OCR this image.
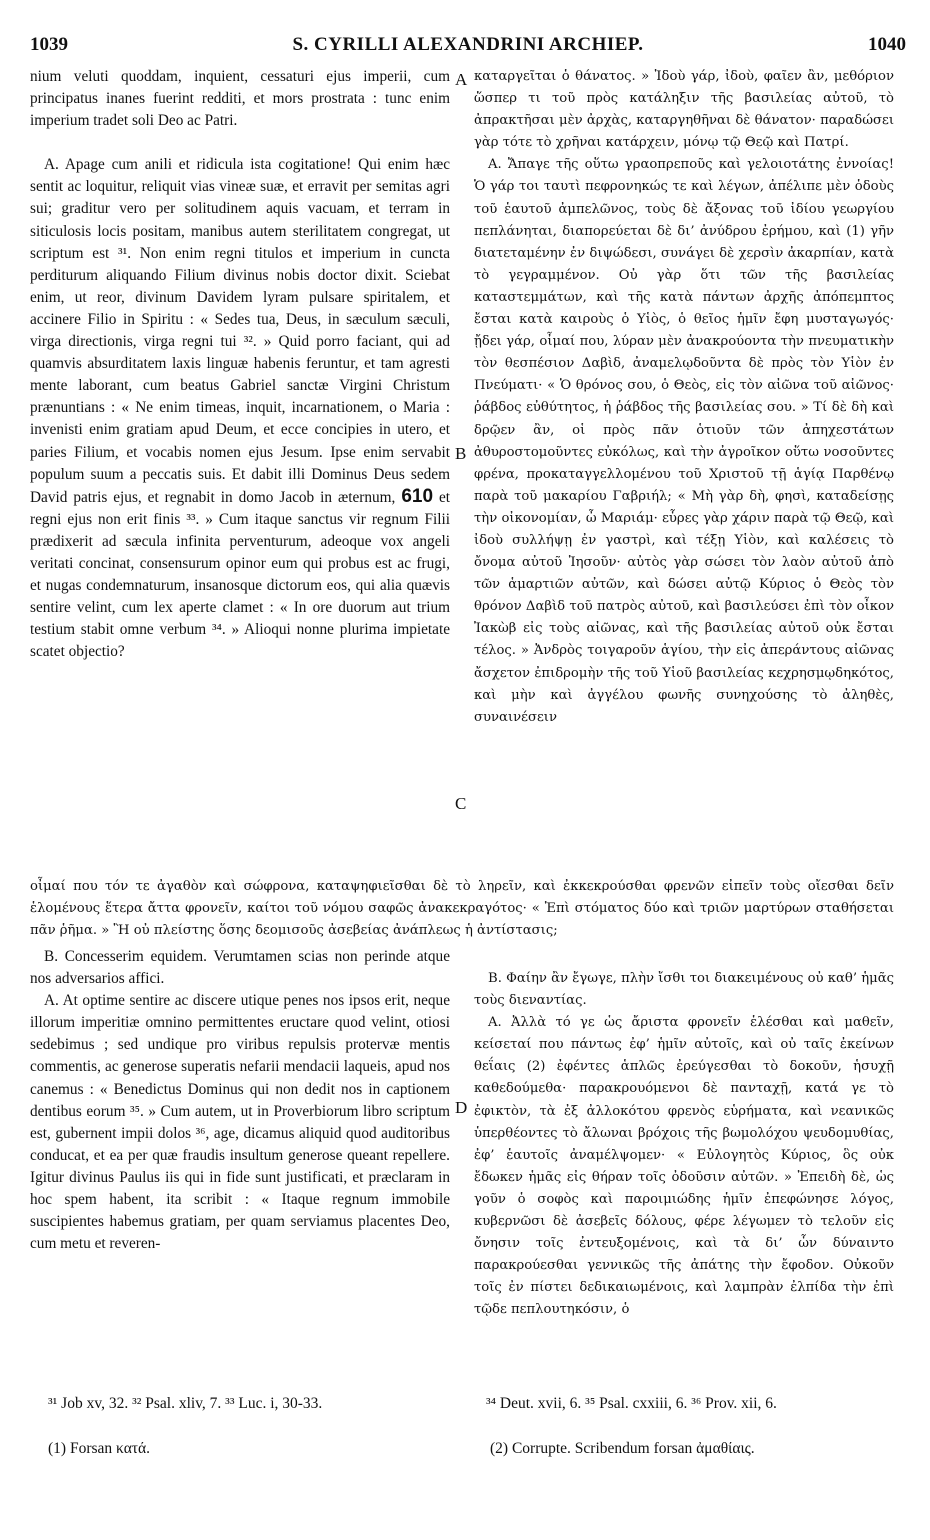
1039	S. CYRILLI ALEXANDRINI ARCHIEP.	1040

nium veluti quoddam, inquient, cessaturi ejus imperii, cum principatus inanes fuerint redditi, et mors prostrata : tunc enim imperium tradet soli Deo ac Patri.

A. Apage cum anili et ridicula ista cogitatione! Qui enim hæc sentit ac loquitur, reliquit vias vineæ suæ, et erravit per semitas agri sui; graditur vero per solitudinem aquis vacuam, et terram in siticulosis locis positam, manibus autem sterilitatem congregat, ut scriptum est ³¹. Non enim regni titulos et imperium in cuncta perditurum aliquando Filium divinus nobis doctor dixit. Sciebat enim, ut reor, divinum Davidem lyram pulsare spiritalem, et accinere Filio in Spiritu : « Sedes tua, Deus, in sæculum sæculi, virga directionis, virga regni tui ³². » Quid porro faciant, qui ad quamvis absurditatem laxis linguæ habenis feruntur, et tam agresti mente laborant, cum beatus Gabriel sanctæ Virgini Christum prænuntians : « Ne enim timeas, inquit, incarnationem, o Maria : invenisti enim gratiam apud Deum, et ecce concipies in utero, et paries Filium, et vocabis nomen ejus Jesum. Ipse enim servabit populum suum a peccatis suis. Et dabit illi Dominus Deus sedem David patris ejus, et regnabit in domo Jacob in æternum, 610 et regni ejus non erit finis ³³. » Cum itaque sanctus vir regnum Filii prædixerit ad sæcula infinita perventurum, adeoque vox angeli veritati concinat, consensurum opinor eum qui probus est ac frugi, et nugas condemnaturum, insanosque dictorum eos, qui alia quævis sentire velint, cum lex aperte clamet : « In ore duorum aut trium testium stabit omne verbum ³⁴. » Alioqui nonne plurima impietate scatet objectio?

A
B
C

καταργεῖται ὁ θάνατος. » Ἰδοὺ γάρ, ἰδοὺ, φαῖεν ἂν, μεθόριον ὥσπερ τι τοῦ πρὸς κατάληξιν τῆς βασιλείας αὐτοῦ, τὸ ἀπρακτῆσαι μὲν ἀρχὰς, καταργηθῆναι δὲ θάνατον· παραδώσει γὰρ τότε τὸ χρῆναι κατάρχειν, μόνῳ τῷ Θεῷ καὶ Πατρί.

A. Ἄπαγε τῆς οὕτω γραοπρεποῦς καὶ γελοιοτάτης ἐννοίας! Ὁ γάρ τοι ταυτὶ πεφρονηκώς τε καὶ λέγων, ἀπέλιπε μὲν ὁδοὺς τοῦ ἑαυτοῦ ἀμπελῶνος, τοὺς δὲ ἄξονας τοῦ ἰδίου γεωργίου πεπλάνηται, διαπορεύεται δὲ δι’ ἀνύδρου ἐρήμου, καὶ (1) γῆν διατεταμένην ἐν διψώδεσι, συνάγει δὲ χερσὶν ἀκαρπίαν, κατὰ τὸ γεγραμμένον. Οὐ γὰρ ὅτι τῶν τῆς βασιλείας καταστεμμάτων, καὶ τῆς κατὰ πάντων ἀρχῆς ἀπόπεμπτος ἔσται κατὰ καιροὺς ὁ Υἱὸς, ὁ θεῖος ἡμῖν ἔφη μυσταγωγός· ᾔδει γάρ, οἶμαί που, λύραν μὲν ἀνακρούοντα τὴν πνευματικὴν τὸν θεσπέσιον Δαβὶδ, ἀναμελῳδοῦντα δὲ πρὸς τὸν Υἱὸν ἐν Πνεύματι· « Ὁ θρόνος σου, ὁ Θεὸς, εἰς τὸν αἰῶνα τοῦ αἰῶνος· ῥάβδος εὐθύτητος, ἡ ῥάβδος τῆς βασιλείας σου. » Τί δὲ δὴ καὶ δρῷεν ἂν, οἱ πρὸς πᾶν ὁτιοῦν τῶν ἀπηχεστάτων ἀθυροστομοῦντες εὐκόλως, καὶ τὴν ἀγροῖκον οὕτω νοσοῦντες φρένα, προκαταγγελλομένου τοῦ Χριστοῦ τῇ ἁγίᾳ Παρθένῳ παρὰ τοῦ μακαρίου Γαβριήλ; « Μὴ γὰρ δὴ, φησὶ, καταδείσῃς τὴν οἰκονομίαν, ὦ Μαριάμ· εὗρες γὰρ χάριν παρὰ τῷ Θεῷ, καὶ ἰδοὺ συλλήψῃ ἐν γαστρὶ, καὶ τέξῃ Υἱὸν, καὶ καλέσεις τὸ ὄνομα αὐτοῦ Ἰησοῦν· αὐτὸς γὰρ σώσει τὸν λαὸν αὐτοῦ ἀπὸ τῶν ἁμαρτιῶν αὐτῶν, καὶ δώσει αὐτῷ Κύριος ὁ Θεὸς τὸν θρόνον Δαβὶδ τοῦ πατρὸς αὐτοῦ, καὶ βασιλεύσει ἐπὶ τὸν οἶκον Ἰακὼβ εἰς τοὺς αἰῶνας, καὶ τῆς βασιλείας αὐτοῦ οὐκ ἔσται τέλος. » Ἀνδρὸς τοιγαροῦν ἁγίου, τὴν εἰς ἀπεράντους αἰῶνας ἄσχετον ἐπιδρομὴν τῆς τοῦ Υἱοῦ βασιλείας κεχρησμῳδηκότος, καὶ μὴν καὶ ἀγγέλου φωνῆς συνηχούσης τὸ ἀληθὲς, συναινέσειν

οἶμαί που τόν τε ἀγαθὸν καὶ σώφρονα, καταψηφιεῖσθαι δὲ τὸ ληρεῖν, καὶ ἐκκεκρούσθαι φρενῶν εἰπεῖν τοὺς οἴεσθαι δεῖν ἑλομένους ἕτερα ἄττα φρονεῖν, καίτοι τοῦ νόμου σαφῶς ἀνακεκραγότος· « Ἐπὶ στόματος δύο καὶ τριῶν μαρτύρων σταθήσεται πᾶν ῥῆμα. » Ἢ οὐ πλείστης ὅσης δεομισοῦς ἀσεβείας ἀνάπλεως ἡ ἀντίστασις;

B. Concesserim equidem. Verumtamen scias non perinde atque nos adversarios affici.

A. At optime sentire ac discere utique penes nos ipsos erit, neque illorum imperitiæ omnino permittentes eructare quod velint, otiosi sedebimus ; sed undique pro viribus repulsis protervæ mentis commentis, ac generose superatis nefarii mendacii laqueis, apud nos canemus : « Benedictus Dominus qui non dedit nos in captionem dentibus eorum ³⁵. » Cum autem, ut in Proverbiorum libro scriptum est, gubernent impii dolos ³⁶, age, dicamus aliquid quod auditoribus conducat, et ea per quæ fraudis insultum generose queant repellere. Igitur divinus Paulus iis qui in fide sunt justificati, et præclaram in hoc spem habent, ita scribit : « Itaque regnum immobile suscipientes habemus gratiam, per quam serviamus placentes Deo, cum metu et reveren-

D

B. Φαίην ἂν ἔγωγε, πλὴν ἴσθι τοι διακειμένους οὐ καθ’ ἡμᾶς τοὺς διεναντίας.

A. Ἀλλὰ τό γε ὡς ἄριστα φρονεῖν ἑλέσθαι καὶ μαθεῖν, κείσεταί που πάντως ἐφ’ ἡμῖν αὐτοῖς, καὶ οὐ ταῖς ἐκείνων θεΐαις (2) ἐφέντες ἁπλῶς ἐρεύγεσθαι τὸ δοκοῦν, ἡσυχῇ καθεδούμεθα· παρακρουόμενοι δὲ πανταχῇ, κατά γε τὸ ἐφικτὸν, τὰ ἐξ ἀλλοκότου φρενὸς εὑρήματα, καὶ νεανικῶς ὑπερθέοντες τὸ ἄλωναι βρόχοις τῆς βωμολόχου ψευδομυθίας, ἐφ’ ἑαυτοῖς ἀναμέλψομεν· « Εὐλογητὸς Κύριος, ὃς οὐκ ἔδωκεν ἡμᾶς εἰς θήραν τοῖς ὀδοῦσιν αὐτῶν. » Ἐπειδὴ δὲ, ὡς γοῦν ὁ σοφὸς καὶ παροιμιώδης ἡμῖν ἐπεφώνησε λόγος, κυβερνῶσι δὲ ἀσεβεῖς δόλους, φέρε λέγωμεν τὸ τελοῦν εἰς ὄνησιν τοῖς ἐντευξομένοις, καὶ τὰ δι’ ὧν δύναιντο παρακρούεσθαι γεννικῶς τῆς ἀπάτης τὴν ἔφοδον. Οὐκοῦν τοῖς ἐν πίστει δεδικαιωμένοις, καὶ λαμπρὰν ἐλπίδα τὴν ἐπὶ τῷδε πεπλουτηκόσιν, ὁ

³¹ Job xv, 32. ³² Psal. xliv, 7. ³³ Luc. i, 30-33.	³⁴ Deut. xvii, 6. ³⁵ Psal. cxxiii, 6. ³⁶ Prov. xii, 6.
(1) Forsan κατά.	(2) Corrupte. Scribendum forsan ἀμαθίαις.
